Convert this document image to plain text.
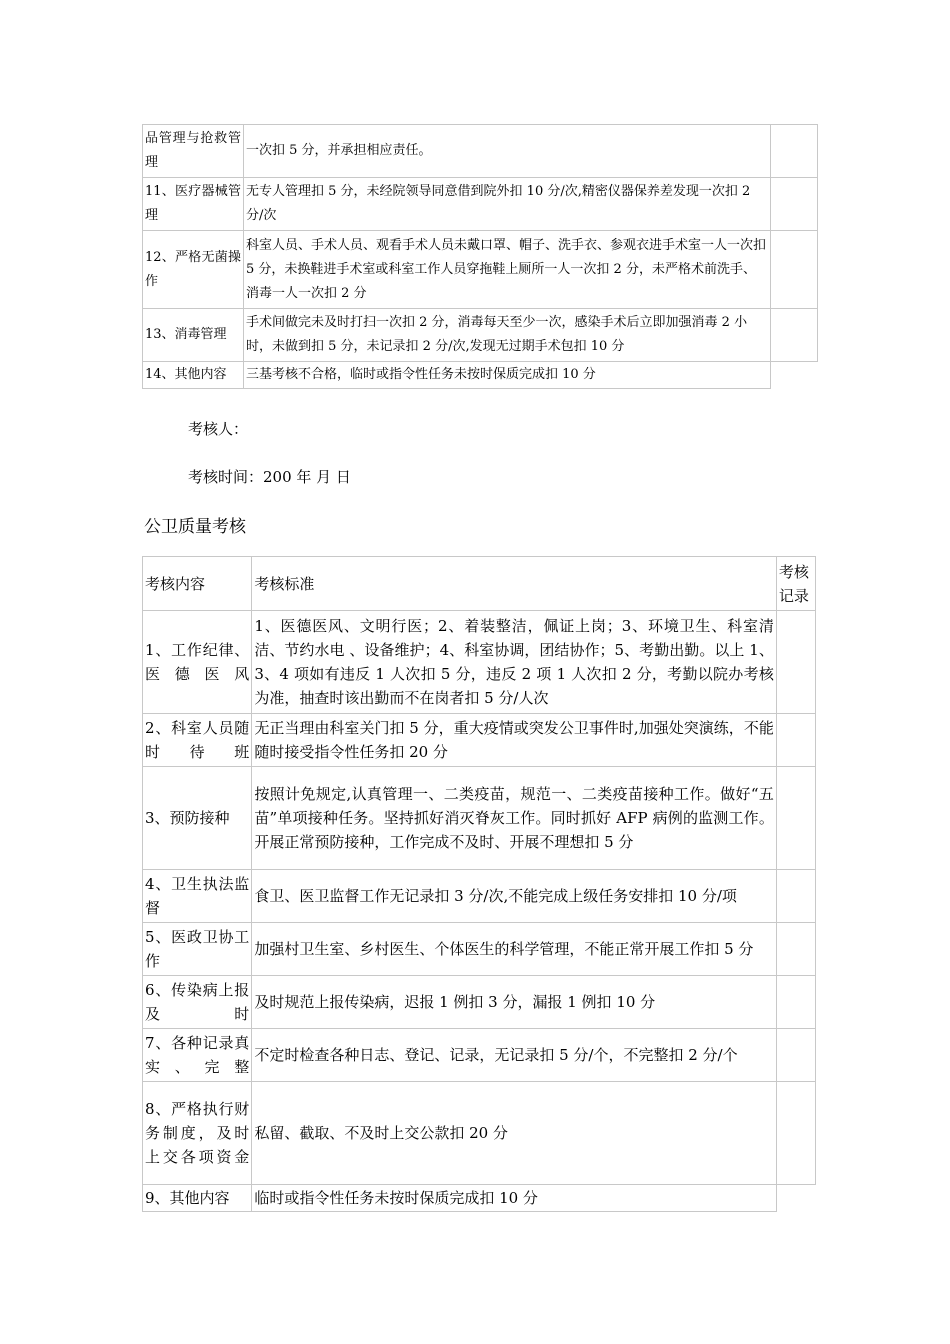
品管理与抢救管理	一次扣 5 分，并承担相应责任。	
11、医疗器械管理	无专人管理扣 5 分，未经院领导同意借到院外扣 10 分/次,精密仪器保养差发现一次扣 2 分/次	
12、严格无菌操作	科室人员、手术人员、观看手术人员未戴口罩、帽子、洗手衣、参观衣进手术室一人一次扣 5 分，未换鞋进手术室或科室工作人员穿拖鞋上厕所一人一次扣 2 分，未严格术前洗手、消毒一人一次扣 2 分	
13、消毒管理	手术间做完未及时打扫一次扣 2 分，消毒每天至少一次，感染手术后立即加强消毒 2 小时，未做到扣 5 分，未记录扣 2 分/次,发现无过期手术包扣 10 分	
14、其他内容	三基考核不合格，临时或指令性任务未按时保质完成扣 10 分	
考核人：
考核时间：200 年 月 日
公卫质量考核
考核内容	考核标准	考核记录
1、工作纪律、医德医风	1、医德医风、文明行医；2、着装整洁，佩证上岗；3、环境卫生、科室清洁、节约水电 、设备维护；4、科室协调，团结协作；5、考勤出勤。以上 1、3、4 项如有违反 1 人次扣 5 分，违反 2 项 1 人次扣 2 分，考勤以院办考核为准，抽查时该出勤而不在岗者扣 5 分/人次	
2、科室人员随时待班	无正当理由科室关门扣 5 分，重大疫情或突发公卫事件时,加强处突演练，不能随时接受指令性任务扣 20 分	
3、预防接种	按照计免规定,认真管理一、二类疫苗，规范一、二类疫苗接种工作。做好“五苗”单项接种任务。坚持抓好消灭脊灰工作。同时抓好 AFP 病例的监测工作。开展正常预防接种，工作完成不及时、开展不理想扣 5 分	
4、卫生执法监督	食卫、医卫监督工作无记录扣 3 分/次,不能完成上级任务安排扣 10 分/项	
5、医政卫协工作	加强村卫生室、乡村医生、个体医生的科学管理，不能正常开展工作扣 5 分	
6、传染病上报及时	及时规范上报传染病，迟报 1 例扣 3 分，漏报 1 例扣 10 分	
7、各种记录真实、完整	不定时检查各种日志、登记、记录，无记录扣 5 分/个，不完整扣 2 分/个	
8、严格执行财务制度，及时上交各项资金	私留、截取、不及时上交公款扣 20 分	
9、其他内容	临时或指令性任务未按时保质完成扣 10 分	
